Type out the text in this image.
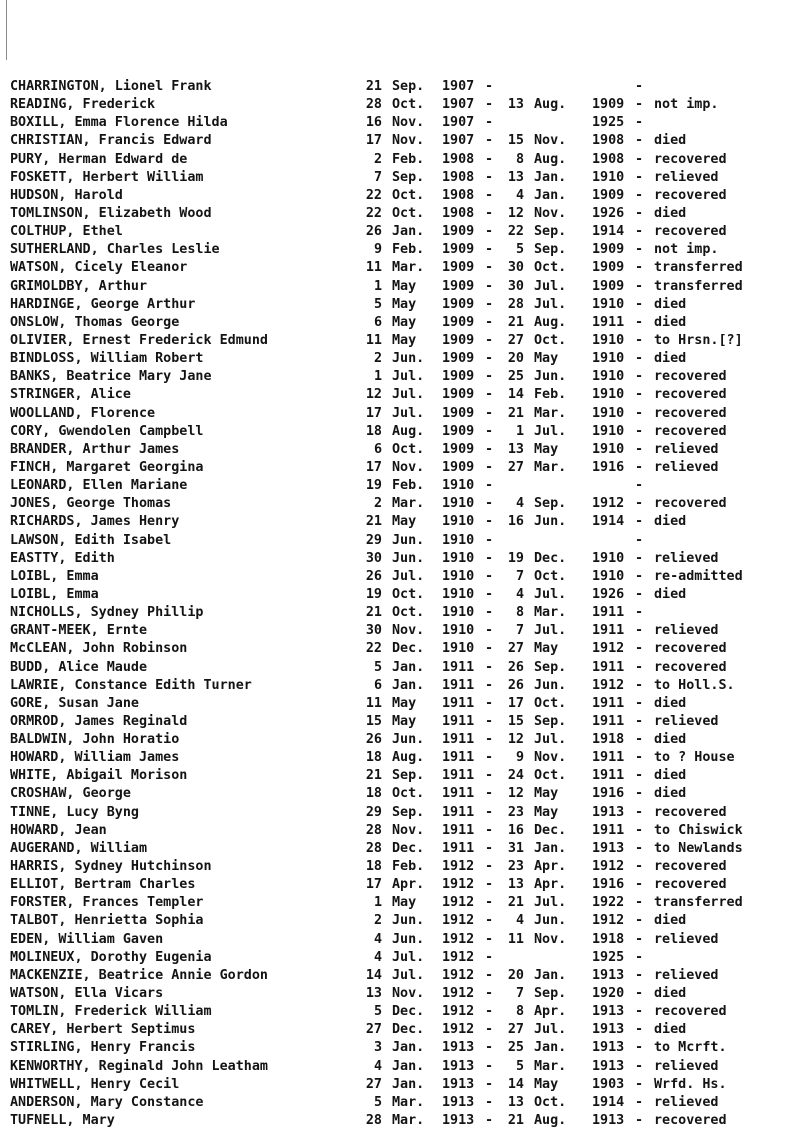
CHARRINGTON, Lionel Frank	21 Sep. 1907 -	-
READING, Frederick	28 Oct. 1907 - 13 Aug. 1909 - not imp.
BOXILL, Emma Florence Hilda	16 Nov. 1907 -	1925 -
CHRISTIAN, Francis Edward	17 Nov. 1907 - 15 Nov. 1908 - died
PURY, Herman Edward de	2 Feb. 1908 -	8 Aug. 1908 - recovered
FOSKETT, Herbert William	7 Sep. 1908 - 13 Jan. 1910 - relieved
HUDSON, Harold	22 Oct. 1908 -	4 Jan. 1909 - recovered
TOMLINSON, Elizabeth Wood	22 Oct. 1908 - 12 Nov. 1926 - died
COLTHUP, Ethel	26 Jan. 1909 - 22 Sep. 1914 - recovered
SUTHERLAND, Charles Leslie	9 Feb. 1909 -	5 Sep. 1909 - not imp.
WATSON, Cicely Eleanor	11 Mar. 1909 - 30 Oct. 1909 - transferred
GRIMOLDBY, Arthur	1 May 1909 - 30 Jul. 1909 - transferred
HARDINGE, George Arthur	5 May 1909 - 28 Jul. 1910 - died
ONSLOW, Thomas George	6 May 1909 - 21 Aug. 1911 - died
OLIVIER, Ernest Frederick Edmund	11 May 1909 - 27 Oct. 1910 - to Hrsn.[?]
BINDLOSS, William Robert	2 Jun. 1909 - 20 May	1910 - died
BANKS, Beatrice Mary Jane	1 Jul. 1909 - 25 Jun. 1910 - recovered
STRINGER, Alice	12 Jul. 1909 - 14 Feb. 1910 - recovered
WOOLLAND, Florence	17 Jul. 1909 - 21 Mar. 1910 - recovered
CORY, Gwendolen Campbell	18 Aug. 1909 -	1 Jul. 1910 - recovered
BRANDER, Arthur James	6 Oct. 1909 - 13 May	1910 - relieved
FINCH, Margaret Georgina	17 Nov. 1909 - 27 Mar. 1916 - relieved
LEONARD, Ellen Mariane	19 Feb. 1910 -	-
JONES, George Thomas	2 Mar. 1910 -	4 Sep. 1912 - recovered
RICHARDS, James Henry	21 May 1910 - 16 Jun. 1914 - died
LAWSON, Edith Isabel	29 Jun. 1910 -	-
EASTTY, Edith	30 Jun. 1910 - 19 Dec. 1910 - relieved
LOIBL, Emma	26 Jul. 1910 -	7 Oct. 1910 - re-admitted
LOIBL, Emma	19 Oct. 1910 -	4 Jul. 1926 - died
NICHOLLS, Sydney Phillip	21 Oct. 1910 -	8 Mar. 1911 -
GRANT-MEEK, Ernte	30 Nov. 1910 -	7 Jul. 1911 - relieved
McCLEAN, John Robinson	22 Dec. 1910 - 27 May	1912 - recovered
BUDD, Alice Maude	5 Jan. 1911 - 26 Sep. 1911 - recovered
LAWRIE, Constance Edith Turner	6 Jan. 1911 - 26 Jun. 1912 - to Holl.S.
GORE, Susan Jane	11 May 1911 - 17 Oct. 1911 - died
ORMROD, James Reginald	15 May 1911 - 15 Sep. 1911 - relieved
BALDWIN, John Horatio	26 Jun. 1911 - 12 Jul. 1918 - died
HOWARD, William James	18 Aug. 1911 -	9 Nov. 1911 - to ? House
WHITE, Abigail Morison	21 Sep. 1911 - 24 Oct. 1911 - died
CROSHAW, George	18 Oct. 1911 - 12 May	1916 - died
TINNE, Lucy Byng	29 Sep. 1911 - 23 May	1913 - recovered
HOWARD, Jean	28 Nov. 1911 - 16 Dec. 1911 - to Chiswick
AUGERAND, William	28 Dec. 1911 - 31 Jan. 1913 - to Newlands
HARRIS, Sydney Hutchinson	18 Feb. 1912 - 23 Apr. 1912 - recovered
ELLIOT, Bertram Charles	17 Apr. 1912 - 13 Apr. 1916 - recovered
FORSTER, Frances Templer	1 May 1912 - 21 Jul. 1922 - transferred
TALBOT, Henrietta Sophia	2 Jun. 1912 -	4 Jun. 1912 - died
EDEN, William Gaven	4 Jun. 1912 - 11 Nov. 1918 - relieved
MOLINEUX, Dorothy Eugenia	4 Jul. 1912 -	1925 -
MACKENZIE, Beatrice Annie Gordon	14 Jul. 1912 - 20 Jan. 1913 - relieved
WATSON, Ella Vicars	13 Nov. 1912 -	7 Sep. 1920 - died
TOMLIN, Frederick William	5 Dec. 1912 -	8 Apr. 1913 - recovered
CAREY, Herbert Septimus	27 Dec. 1912 - 27 Jul. 1913 - died
STIRLING, Henry Francis	3 Jan. 1913 - 25 Jan. 1913 - to Mcrft.
KENWORTHY, Reginald John Leatham	4 Jan. 1913 -	5 Mar. 1913 - relieved
WHITWELL, Henry Cecil	27 Jan. 1913 - 14 May	1903 - Wrfd. Hs.
ANDERSON, Mary Constance	5 Mar. 1913 - 13 Oct. 1914 - relieved
TUFNELL, Mary	28 Mar. 1913 - 21 Aug. 1913 - recovered
